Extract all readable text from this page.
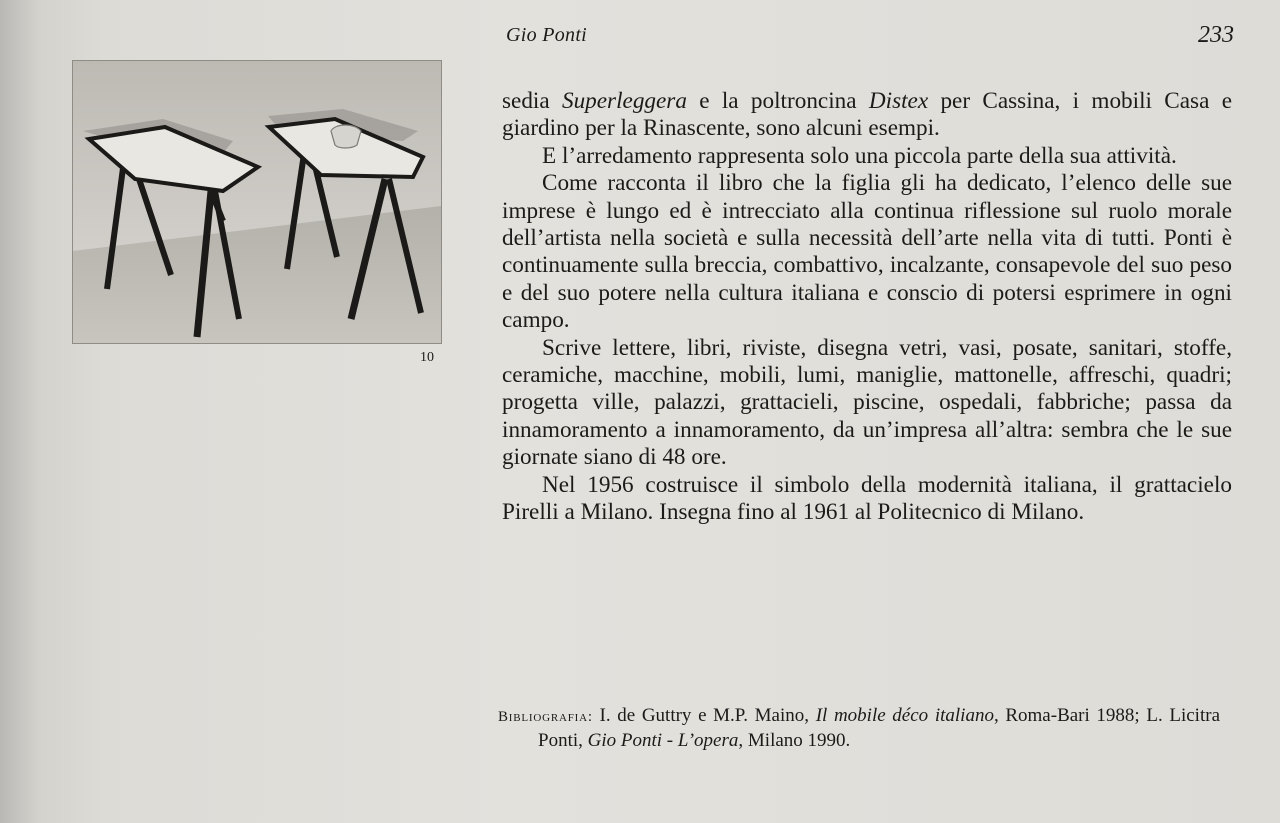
Gio Ponti	233
10

sedia Superleggera e la poltroncina Distex per Cassina, i mobili Casa e giardino per la Rinascente, sono alcuni esempi.

E l’arredamento rappresenta solo una piccola parte della sua attività.

Come racconta il libro che la figlia gli ha dedicato, l’elenco delle sue imprese è lungo ed è intrecciato alla continua riflessione sul ruolo morale dell’artista nella società e sulla necessità dell’arte nella vita di tutti. Ponti è continuamente sulla breccia, combattivo, incalzante, consapevole del suo peso e del suo potere nella cultura italiana e conscio di potersi esprimere in ogni campo.

Scrive lettere, libri, riviste, disegna vetri, vasi, posate, sanitari, stoffe, ceramiche, macchine, mobili, lumi, maniglie, mattonelle, affreschi, quadri; progetta ville, palazzi, grattacieli, piscine, ospedali, fabbriche; passa da innamoramento a innamoramento, da un’impresa all’altra: sembra che le sue giornate siano di 48 ore.

Nel 1956 costruisce il simbolo della modernità italiana, il grattacielo Pirelli a Milano. Insegna fino al 1961 al Politecnico di Milano.

Bibliografia: I. de Guttry e M.P. Maino, Il mobile déco italiano, Roma-Bari 1988; L. Licitra Ponti, Gio Ponti - L’opera, Milano 1990.
